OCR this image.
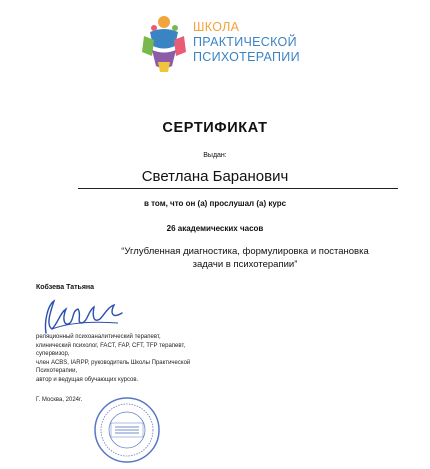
ШКОЛА
ПРАКТИЧЕСКОЙ
ПСИХОТЕРАПИИ
СЕРТИФИКАТ
Выдан:
Светлана Баранович
в том, что он (а) прослушал (а) курс
26 академических часов
“Углубленная диагностика, формулировка и постановка задачи в психотерапии”
Кобзева Татьяна
реляционный психоаналитический терапевт,
клинический психолог, FACT, FAP, CFT, TFP терапевт,
супервизор,
член ACBS, IARPP, руководитель Школы Практической
Психотерапии,
автор и ведущая обучающих курсов.
Г. Москва, 2024г.
